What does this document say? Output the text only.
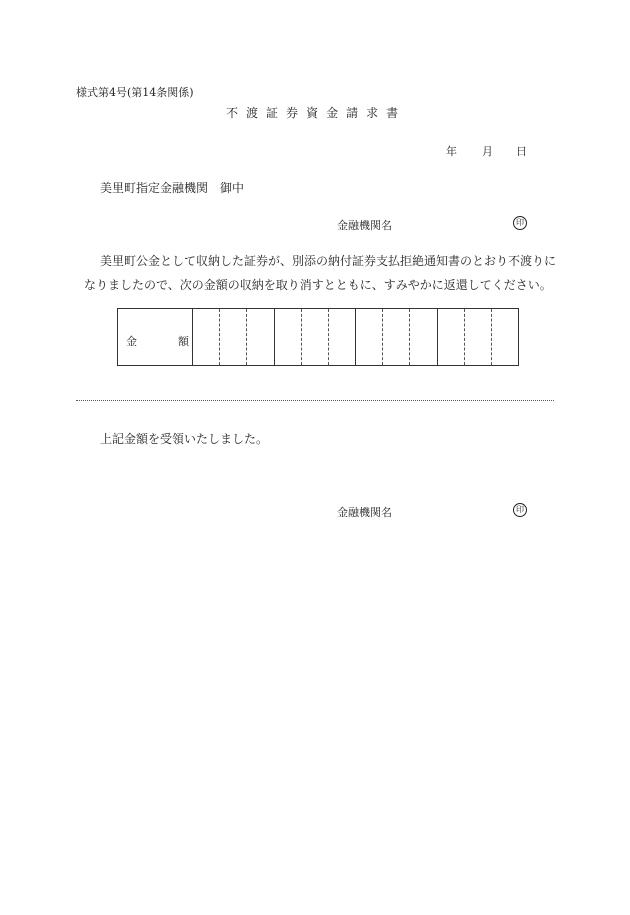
様式第4号(第14条関係)
不 渡 証 券 資 金 請 求 書
年 月 日
美里町指定金融機関　御中
金融機関名	印
美里町公金として収納した証券が、別添の納付証券支払拒絶通知書のとおり不渡りに
なりましたので、次の金額の収納を取り消すとともに、すみやかに返還してください。
金	額
上記金額を受領いたしました。
金融機関名	印
